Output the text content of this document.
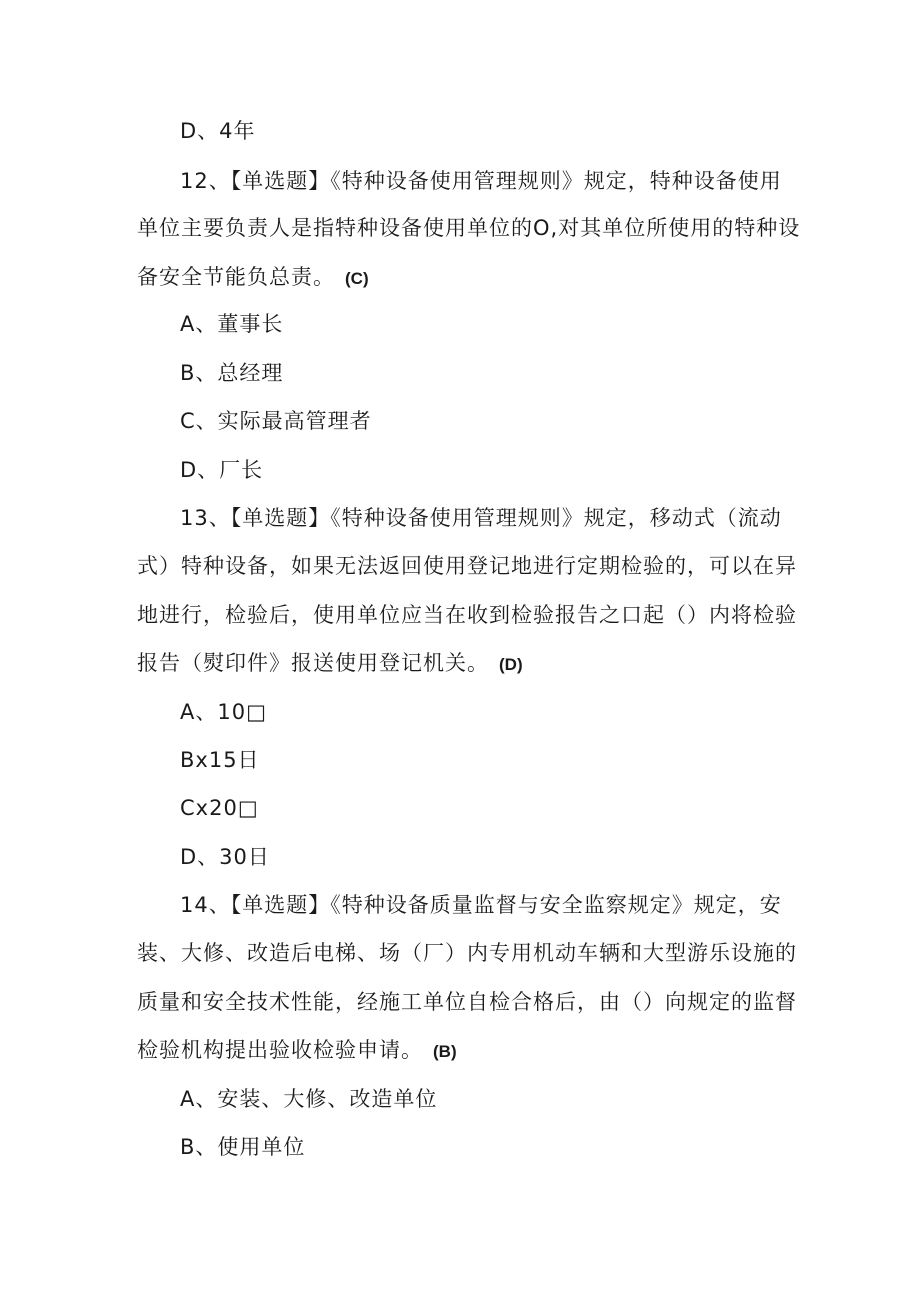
D、4年
12、【单选题】《特种设备使用管理规则》规定，特种设备使用
单位主要负责人是指特种设备使用单位的O,对其单位所使用的特种设
备安全节能负总责。 (C)
A、董事长
B、总经理
C、实际最高管理者
D、厂长
13、【单选题】《特种设备使用管理规则》规定，移动式（流动
式）特种设备，如果无法返回使用登记地进行定期检验的，可以在异
地进行，检验后，使用单位应当在收到检验报告之口起（）内将检验
报告（熨印件》报送使用登记机关。 (D)
A、10□
Bx15日
Cx20□
D、30日
14、【单选题】《特种设备质量监督与安全监察规定》规定，安
装、大修、改造后电梯、场（厂）内专用机动车辆和大型游乐设施的
质量和安全技术性能，经施工单位自检合格后，由（）向规定的监督
检验机构提出验收检验申请。 (B)
A、安装、大修、改造单位
B、使用单位
